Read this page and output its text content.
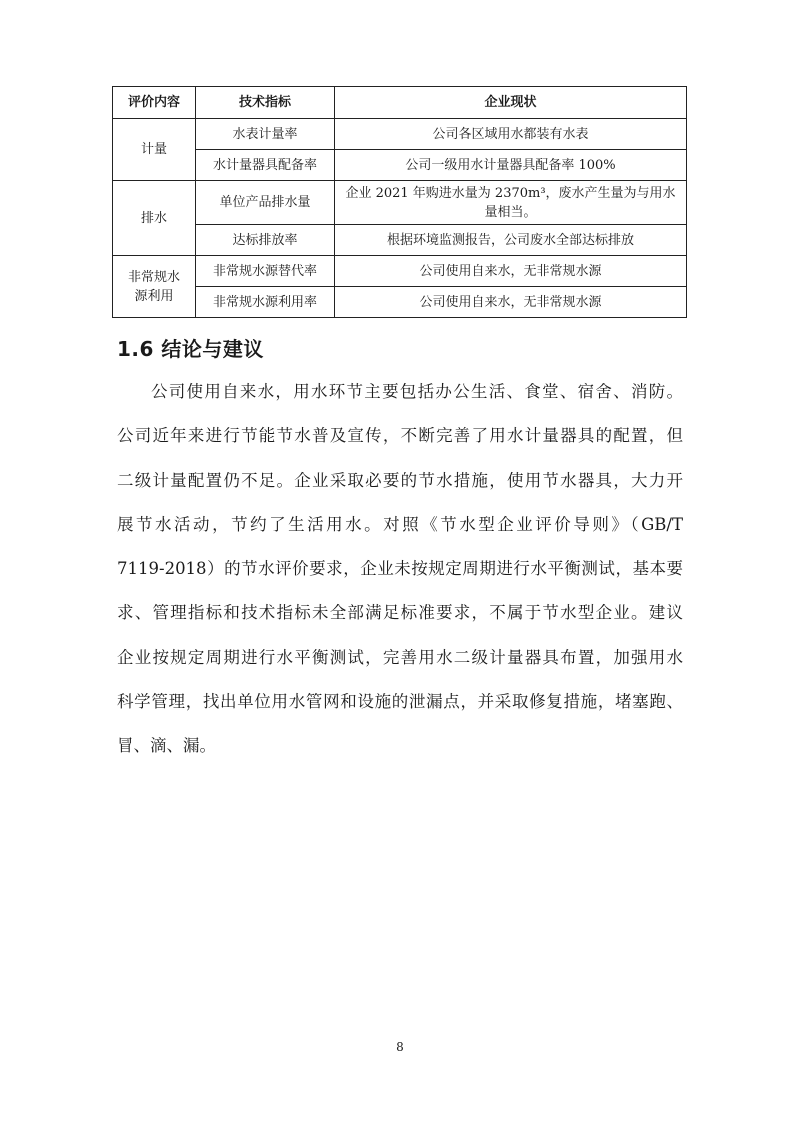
评价内容	技术指标	企业现状
计量	水表计量率	公司各区域用水都装有水表
	水计量器具配备率	公司一级用水计量器具配备率 100%
排水	单位产品排水量	企业 2021 年购进水量为 2370m³，废水产生量为与用水
量相当。
	达标排放率	根据环境监测报告，公司废水全部达标排放
非常规水
源利用	非常规水源替代率	公司使用自来水，无非常规水源
	非常规水源利用率	公司使用自来水，无非常规水源
1.6 结论与建议

公司使用自来水，用水环节主要包括办公生活、食堂、宿舍、消防。
公司近年来进行节能节水普及宣传，不断完善了用水计量器具的配置，但
二级计量配置仍不足。企业采取必要的节水措施，使用节水器具，大力开
展节水活动，节约了生活用水。对照《节水型企业评价导则》（GB/T
7119-2018）的节水评价要求，企业未按规定周期进行水平衡测试，基本要
求、管理指标和技术指标未全部满足标准要求，不属于节水型企业。建议
企业按规定周期进行水平衡测试，完善用水二级计量器具布置，加强用水
科学管理，找出单位用水管网和设施的泄漏点，并采取修复措施，堵塞跑、
冒、滴、漏。

8
